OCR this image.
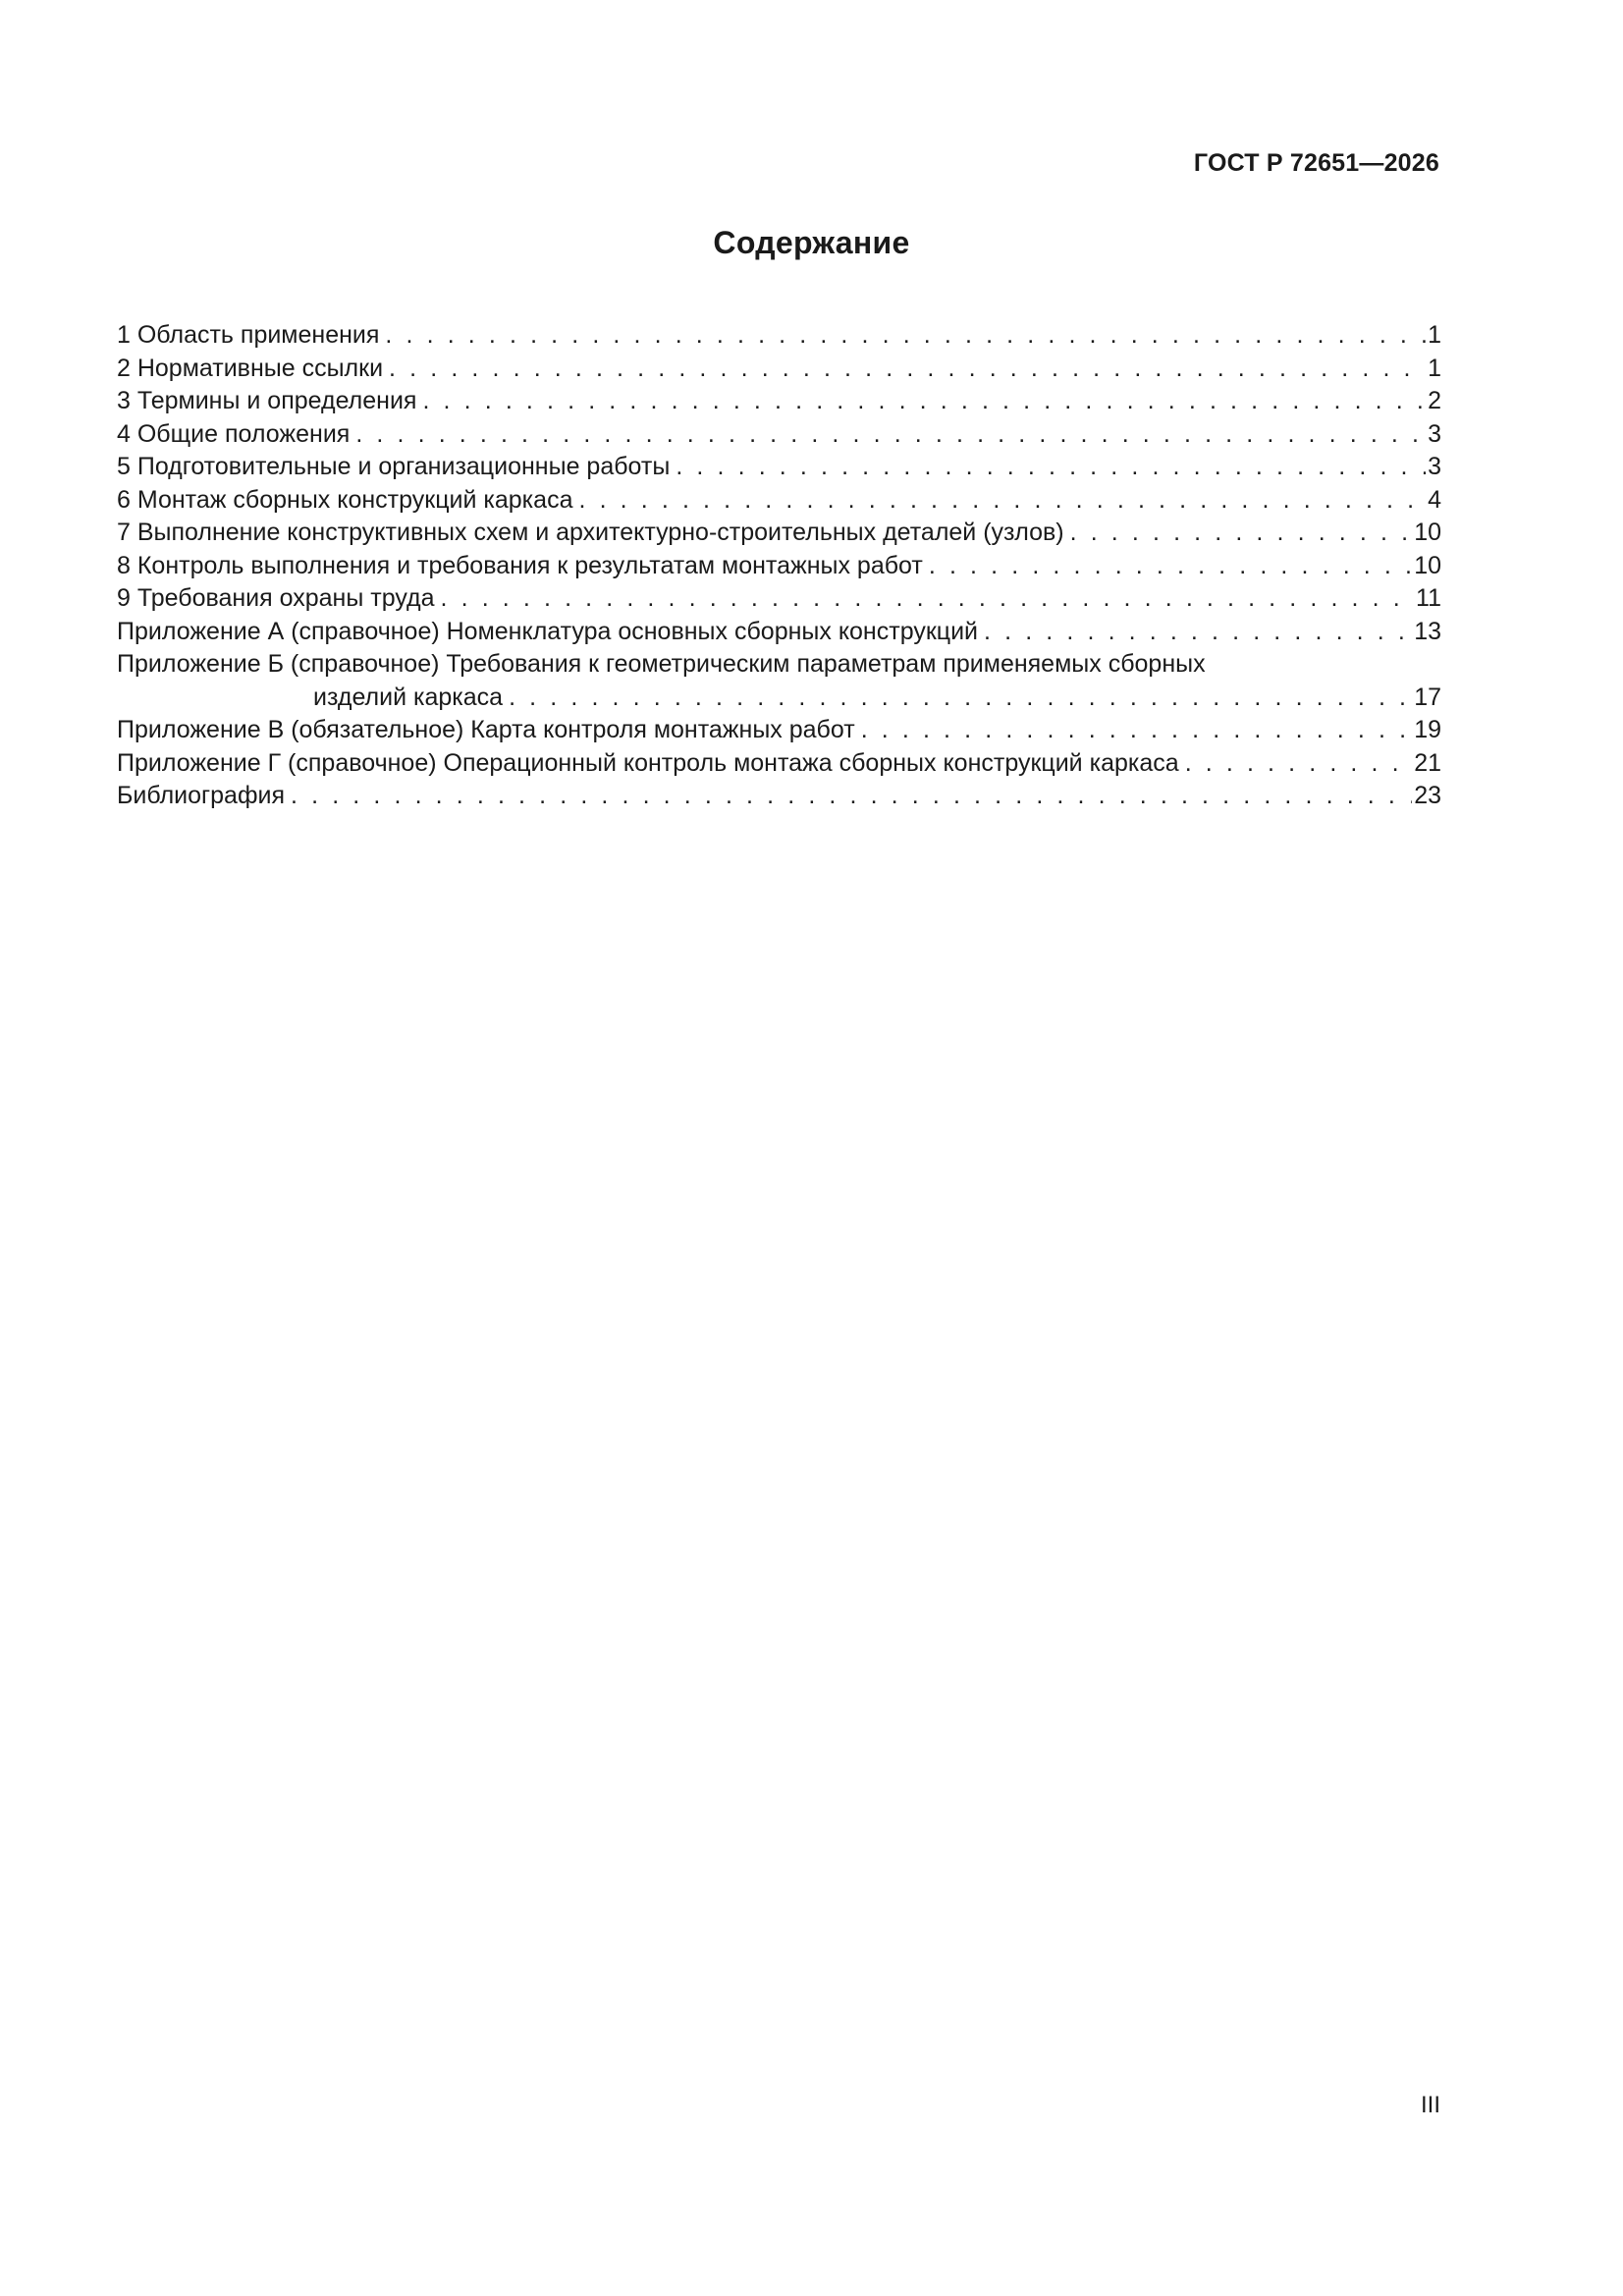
ГОСТ Р 72651—2026
Содержание
1 Область применения . . .	1
2 Нормативные ссылки . . .	1
3 Термины и определения . . .	2
4 Общие положения . . .	3
5 Подготовительные и организационные работы . . .	3
6 Монтаж сборных конструкций каркаса . . .	4
7 Выполнение конструктивных схем и архитектурно-строительных деталей (узлов) . . .	10
8 Контроль выполнения и требования к результатам монтажных работ . . .	10
9 Требования охраны труда . . .	11
Приложение А (справочное) Номенклатура основных сборных конструкций . . .	13
Приложение Б (справочное) Требования к геометрическим параметрам применяемых сборных
изделий каркаса . . .	17
Приложение В (обязательное) Карта контроля монтажных работ . . .	19
Приложение Г (справочное) Операционный контроль монтажа сборных конструкций каркаса . . .	21
Библиография . . .	23
III
